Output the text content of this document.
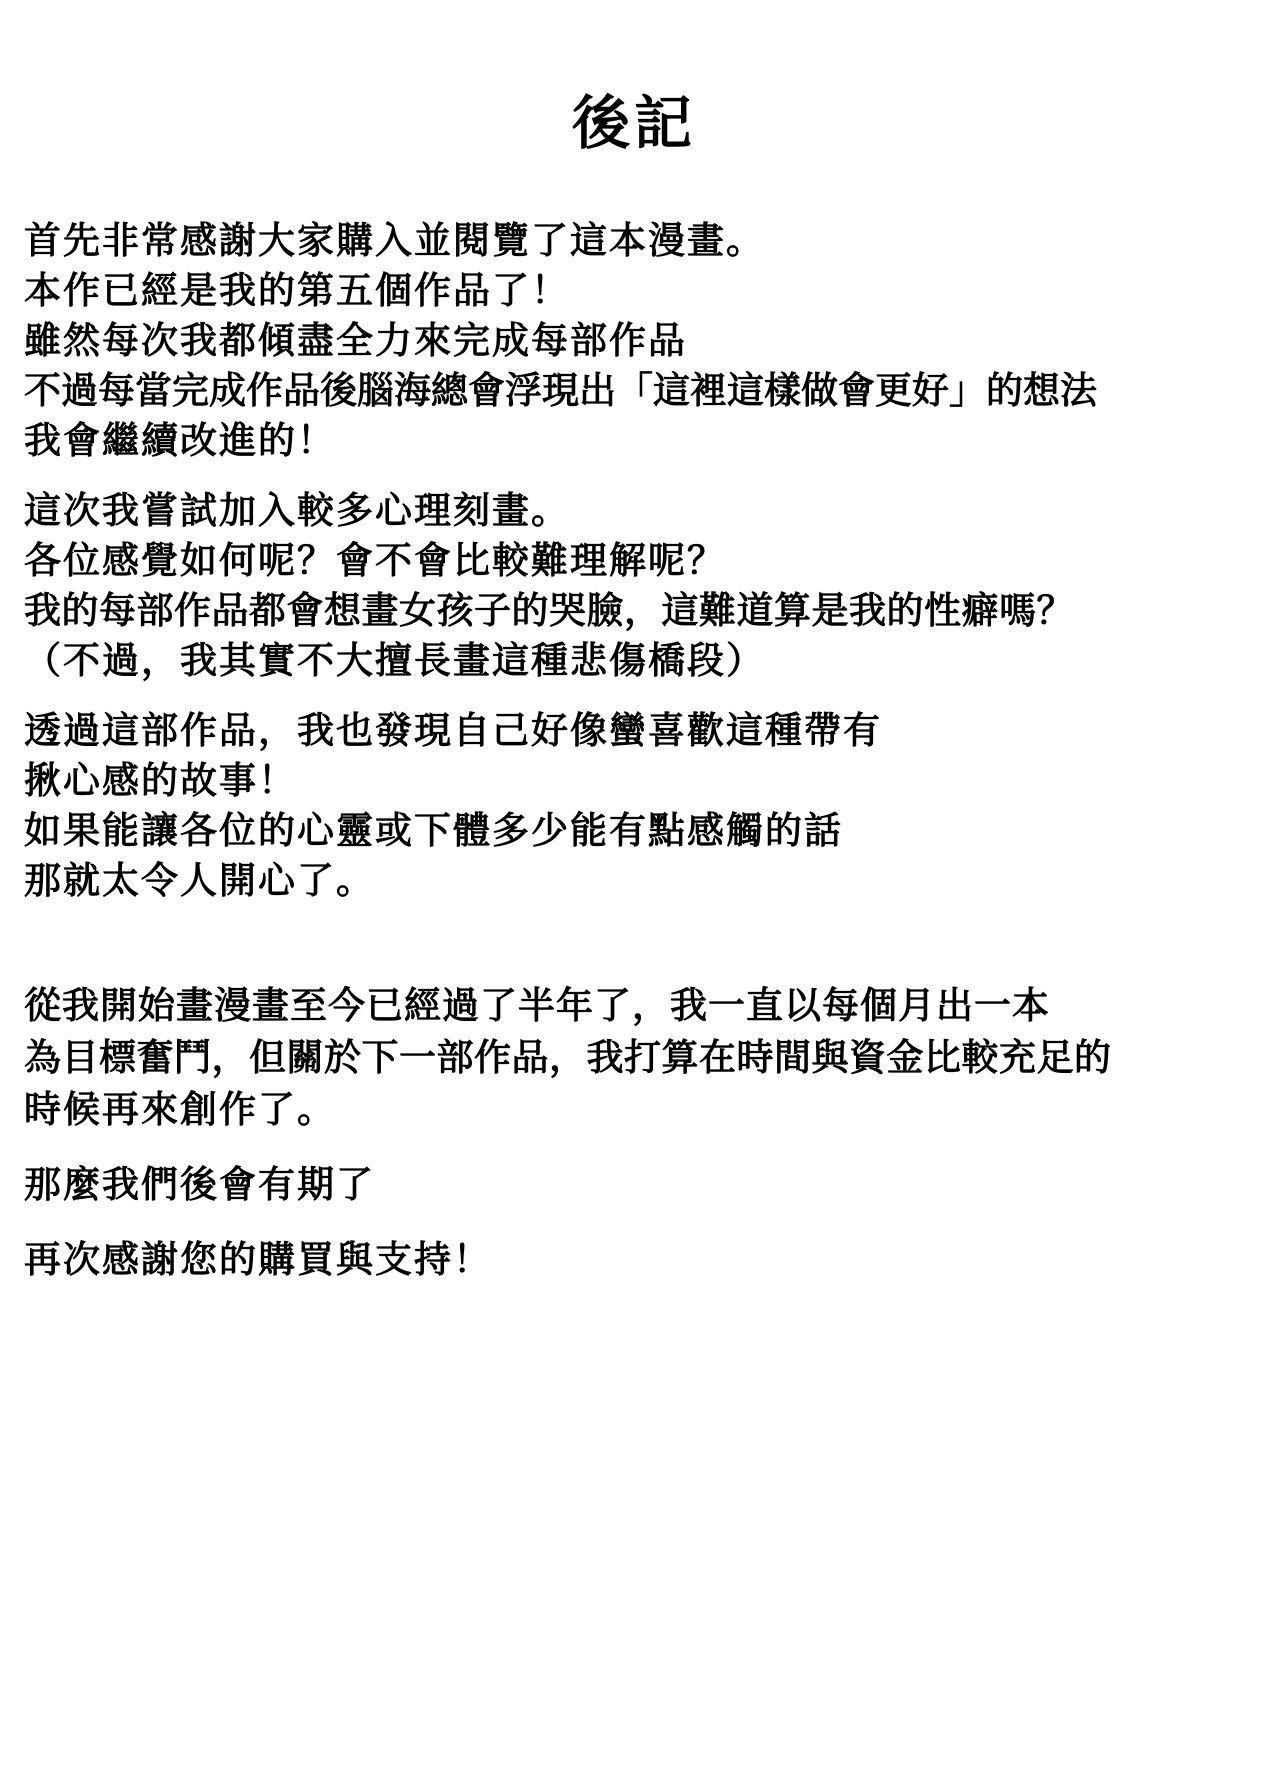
後記
首先非常感謝大家購入並閱覽了這本漫畫。
本作已經是我的第五個作品了！
雖然每次我都傾盡全力來完成每部作品
不過每當完成作品後腦海總會浮現出「這裡這樣做會更好」的想法
我會繼續改進的！
這次我嘗試加入較多心理刻畫。
各位感覺如何呢？會不會比較難理解呢？
我的每部作品都會想畫女孩子的哭臉，這難道算是我的性癖嗎？
（不過，我其實不大擅長畫這種悲傷橋段）
透過這部作品，我也發現自己好像蠻喜歡這種帶有
揪心感的故事！
如果能讓各位的心靈或下體多少能有點感觸的話
那就太令人開心了。
從我開始畫漫畫至今已經過了半年了，我一直以每個月出一本
為目標奮鬥，但關於下一部作品，我打算在時間與資金比較充足的
時候再來創作了。
那麼我們後會有期了
再次感謝您的購買與支持！
